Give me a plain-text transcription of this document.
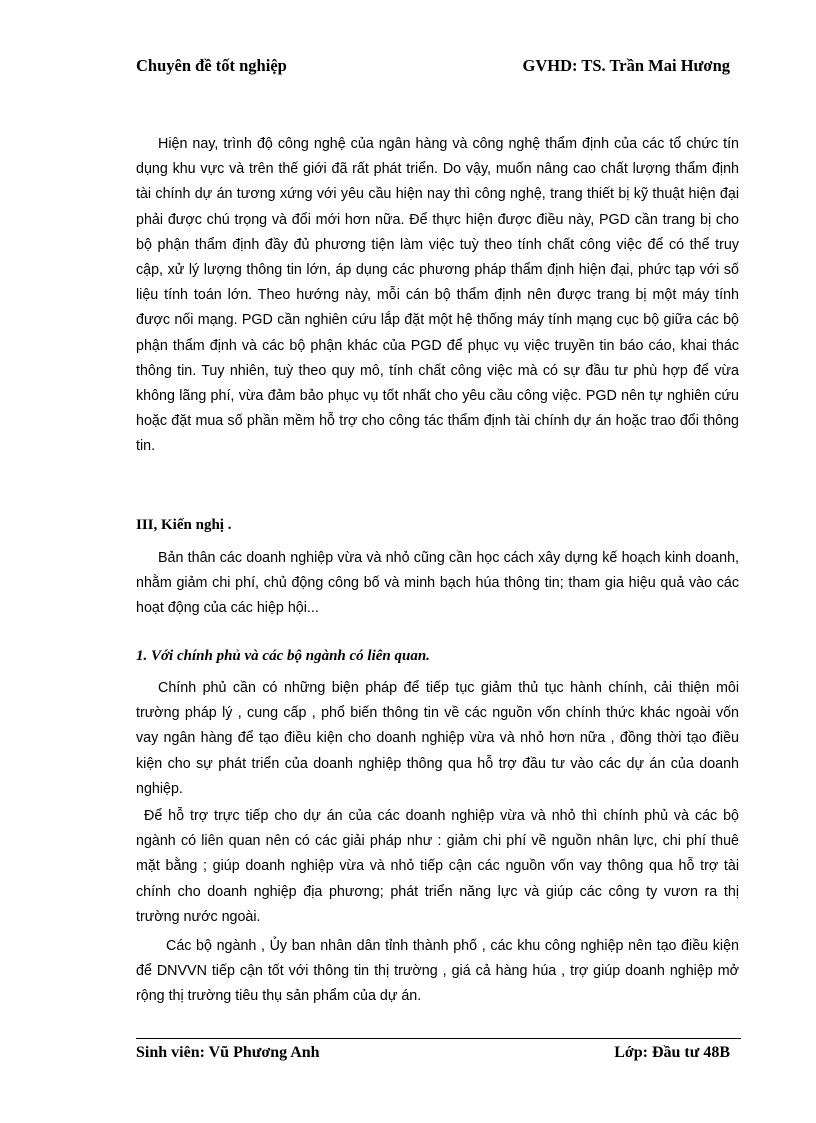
Chuyên đề tốt nghiệp	GVHD: TS. Trần Mai Hương

Hiện nay, trình độ công nghệ của ngân hàng và công nghệ thẩm định của các tổ chức tín dụng khu vực và trên thế giới đã rất phát triển. Do vậy, muốn nâng cao chất lượng thẩm định tài chính dự án tương xứng với yêu cầu hiện nay thì công nghệ, trang thiết bị kỹ thuật hiện đại phải được chú trọng và đổi mới hơn nữa. Để thực hiện được điều này, PGD cần trang bị cho bộ phận thẩm định đầy đủ phương tiện làm việc tuỳ theo tính chất công việc để có thể truy cập, xử lý lượng thông tin lớn, áp dụng các phương pháp thẩm định hiện đại, phức tạp với số liệu tính toán lớn. Theo hướng này, mỗi cán bộ thẩm định nên được trang bị một máy tính được nối mạng. PGD cần nghiên cứu lắp đặt một hệ thống máy tính mạng cục bộ giữa các bộ phận thẩm định và các bộ phận khác của PGD để phục vụ việc truyền tin báo cáo, khai thác thông tin. Tuy nhiên, tuỳ theo quy mô, tính chất công việc mà có sự đầu tư phù hợp để vừa không lãng phí, vừa đảm bảo phục vụ tốt nhất cho yêu cầu công việc. PGD nên tự nghiên cứu hoặc đặt mua số phần mềm hỗ trợ cho công tác thẩm định tài chính dự án hoặc trao đổi thông tin.

III, Kiến nghị .

Bản thân các doanh nghiệp vừa và nhỏ cũng cần học cách xây dựng kế hoạch kinh doanh, nhằm giảm chi phí, chủ động công bố và minh bạch húa thông tin; tham gia hiệu quả vào các hoạt động của các hiệp hội...

1. Với chính phủ và các bộ ngành có liên quan.

Chính phủ cần có những biện pháp để tiếp tục giảm thủ tục hành chính, cải thiện môi trường pháp lý , cung cấp , phổ biến thông tin về các nguồn vốn chính thức khác ngoài vốn vay ngân hàng để tạo điều kiện cho doanh nghiệp vừa và nhỏ hơn nữa , đồng thời tạo điều kiện cho sự phát triển của doanh nghiệp thông qua hỗ trợ đầu tư vào các dự án của doanh nghiệp.

Để hỗ trợ trực tiếp cho dự án của các doanh nghiệp vừa và nhỏ thì chính phủ và các bộ ngành có liên quan nên có các giải pháp như : giảm chi phí về nguồn nhân lực, chi phí thuê mặt bằng ; giúp doanh nghiệp vừa và nhỏ tiếp cận các nguồn vốn vay thông qua hỗ trợ tài chính cho doanh nghiệp địa phương; phát triển năng lực và giúp các công ty vươn ra thị trường nước ngoài.

Các bộ ngành , Ủy ban nhân dân tỉnh thành phố , các khu công nghiệp nên tạo điều kiện để DNVVN tiếp cận tốt với thông tin thị trường , giá cả hàng húa , trợ giúp doanh nghiệp mở rộng thị trường tiêu thụ sản phẩm của dự án.

Sinh viên: Vũ Phương Anh	Lớp: Đầu tư 48B
